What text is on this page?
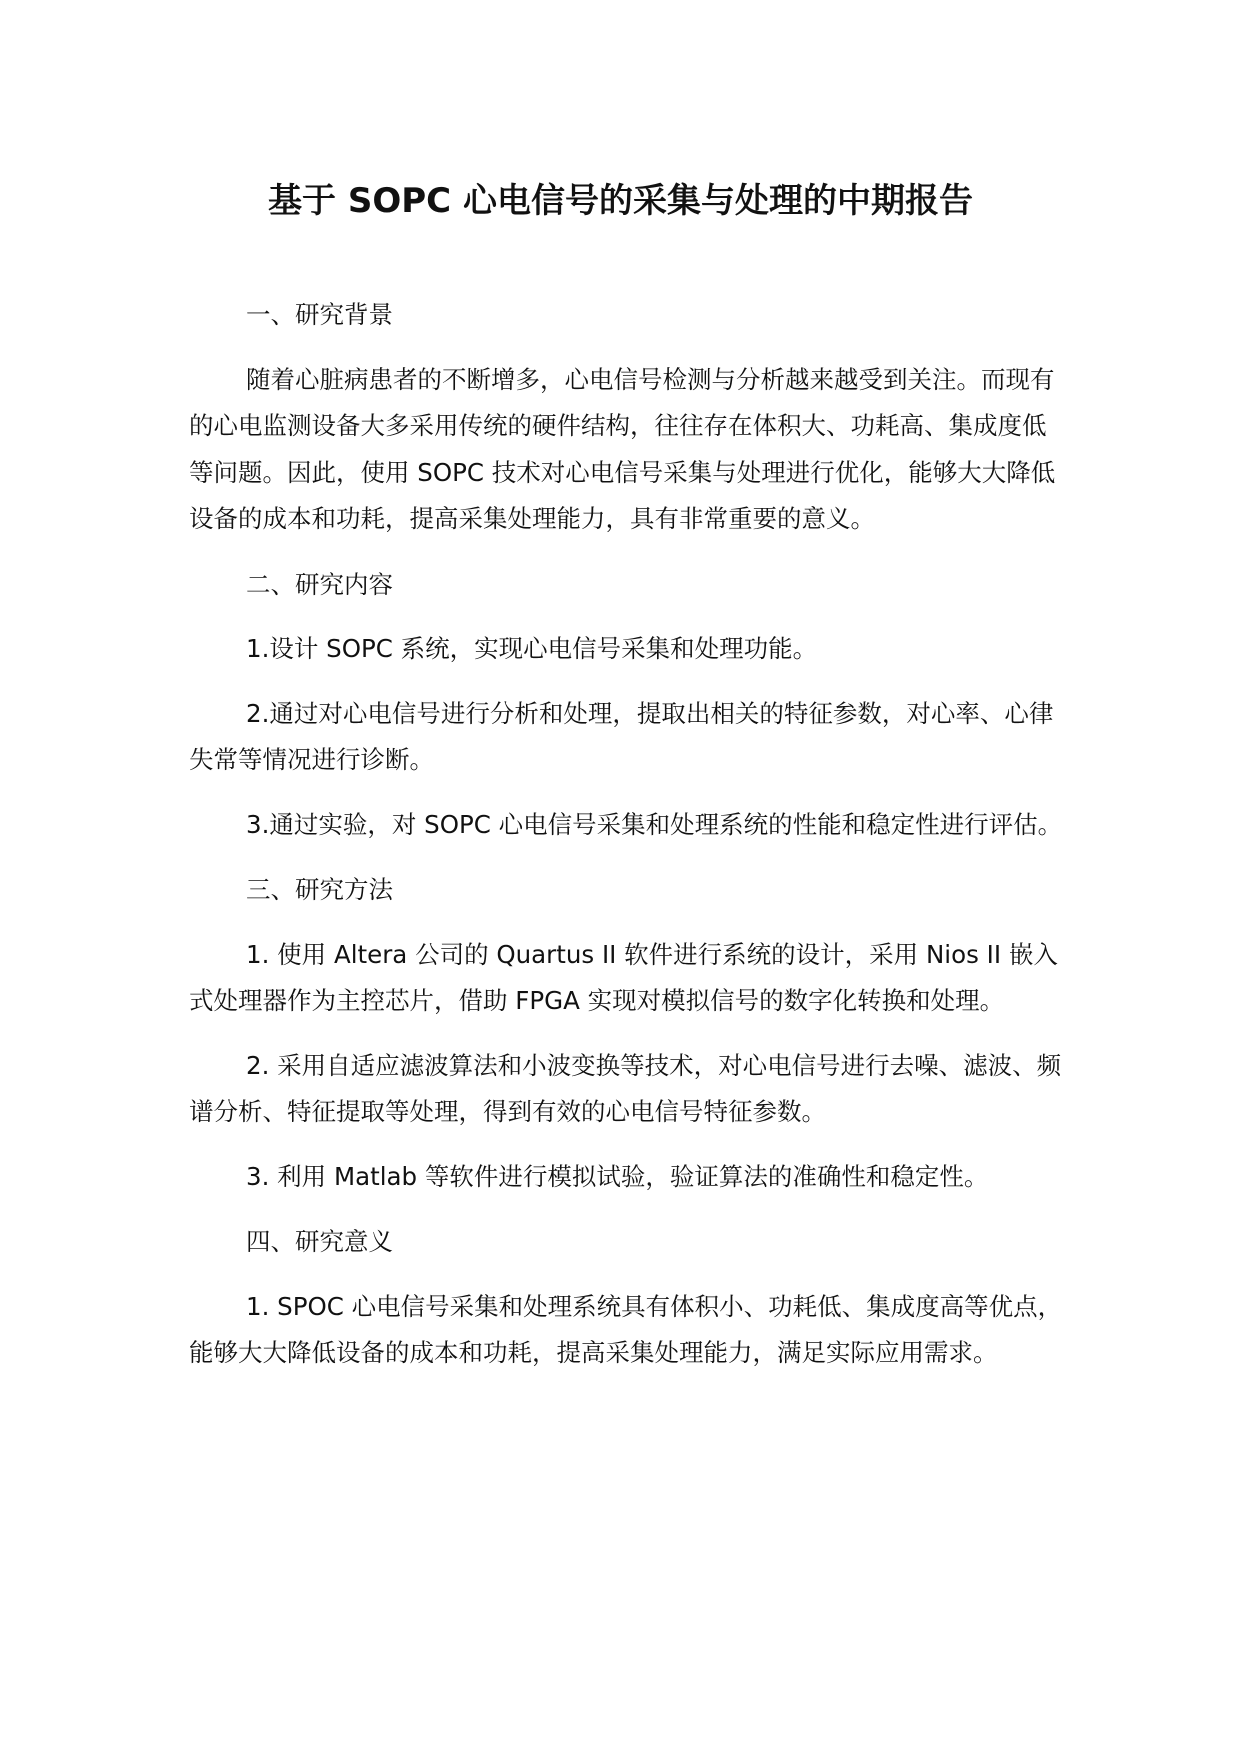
基于 SOPC 心电信号的采集与处理的中期报告

一、研究背景

随着心脏病患者的不断增多，心电信号检测与分析越来越受到关注。而现有的心电监测设备大多采用传统的硬件结构，往往存在体积大、功耗高、集成度低等问题。因此，使用 SOPC 技术对心电信号采集与处理进行优化，能够大大降低设备的成本和功耗，提高采集处理能力，具有非常重要的意义。

二、研究内容

1.设计 SOPC 系统，实现心电信号采集和处理功能。

2.通过对心电信号进行分析和处理，提取出相关的特征参数，对心率、心律失常等情况进行诊断。

3.通过实验，对 SOPC 心电信号采集和处理系统的性能和稳定性进行评估。

三、研究方法

1. 使用 Altera 公司的 Quartus II 软件进行系统的设计，采用 Nios II 嵌入式处理器作为主控芯片，借助 FPGA 实现对模拟信号的数字化转换和处理。

2. 采用自适应滤波算法和小波变换等技术，对心电信号进行去噪、滤波、频谱分析、特征提取等处理，得到有效的心电信号特征参数。

3. 利用 Matlab 等软件进行模拟试验，验证算法的准确性和稳定性。

四、研究意义

1. SPOC 心电信号采集和处理系统具有体积小、功耗低、集成度高等优点，能够大大降低设备的成本和功耗，提高采集处理能力，满足实际应用需求。
